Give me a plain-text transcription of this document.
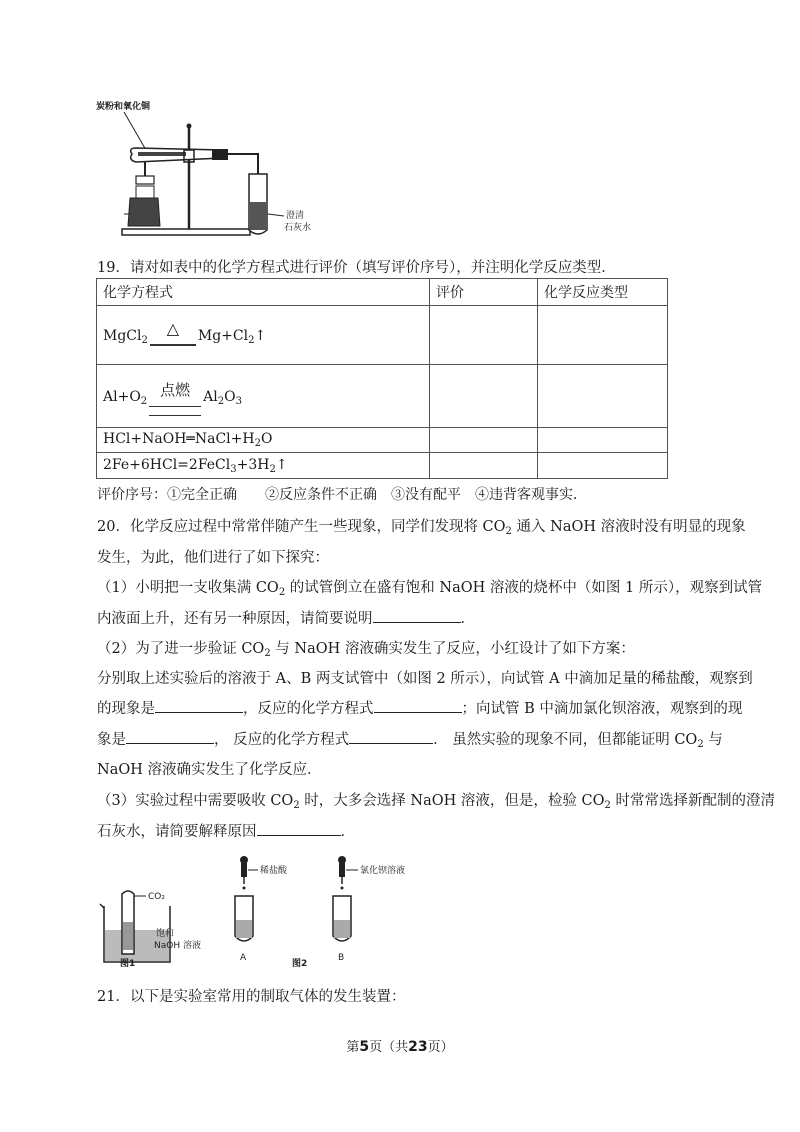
炭粉和氧化铜
澄清
石灰水
19．请对如表中的化学方程式进行评价（填写评价序号），并注明化学反应类型．
化学方程式	评价	化学反应类型
MgCl$_2$△ $Mg+Cl_2↑$		
$Al+O_2$点燃 $Al_2O_3$		
$HCl+NaOH═NaCl+H_2O$		
$2Fe+6HCl=2FeCl_3+3H_2↑$		
评价序号：①完全正确　　②反应条件不正确　③没有配平　④违背客观事实．
20．化学反应过程中常常伴随产生一些现象，同学们发现将 $CO_2$ 通入 NaOH 溶液时没有明显的现象
发生，为此，他们进行了如下探究：
（1）小明把一支收集满 $CO_2$ 的试管倒立在盛有饱和 NaOH 溶液的烧杯中（如图 1 所示），观察到试管
内液面上升，还有另一种原因，请简要说明	．
（2）为了进一步验证 $CO_2$ 与 NaOH 溶液确实发生了反应，小红设计了如下方案：
分别取上述实验后的溶液于 A、B 两支试管中（如图 2 所示），向试管 A 中滴加足量的稀盐酸，观察到
的现象是	，反应的化学方程式	；向试管 B 中滴加氯化钡溶液，观察到的现
象是	， 反应的化学方程式	． 虽然实验的现象不同，但都能证明 $CO_2$ 与
NaOH 溶液确实发生了化学反应．
（3）实验过程中需要吸收 $CO_2$ 时，大多会选择 NaOH 溶液，但是，检验 $CO_2$ 时常常选择新配制的澄清
石灰水，请简要解释原因	．
CO₂
饱和
NaOH 溶液
图1
稀盐酸
A
图2
氯化钡溶液
B
21．以下是实验室常用的制取气体的发生装置：
第5页（共23页）
